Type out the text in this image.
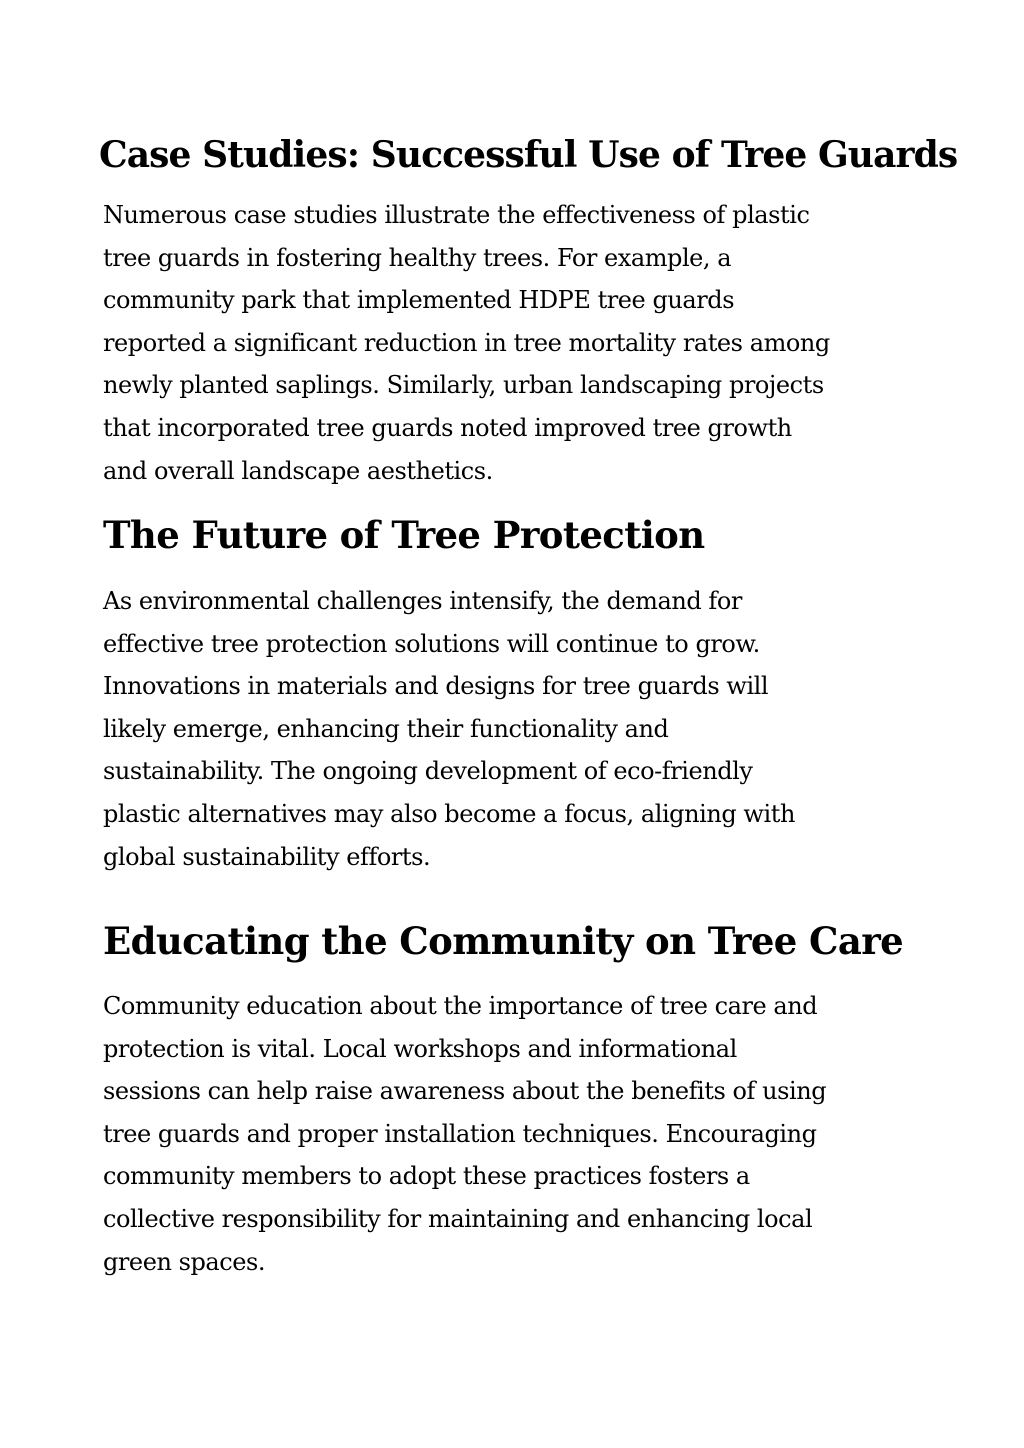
Case Studies: Successful Use of Tree Guards

Numerous case studies illustrate the effectiveness of plastic
tree guards in fostering healthy trees. For example, a
community park that implemented HDPE tree guards
reported a significant reduction in tree mortality rates among
newly planted saplings. Similarly, urban landscaping projects
that incorporated tree guards noted improved tree growth
and overall landscape aesthetics.

The Future of Tree Protection

As environmental challenges intensify, the demand for
effective tree protection solutions will continue to grow.
Innovations in materials and designs for tree guards will
likely emerge, enhancing their functionality and
sustainability. The ongoing development of eco-friendly
plastic alternatives may also become a focus, aligning with
global sustainability efforts.

Educating the Community on Tree Care

Community education about the importance of tree care and
protection is vital. Local workshops and informational
sessions can help raise awareness about the benefits of using
tree guards and proper installation techniques. Encouraging
community members to adopt these practices fosters a
collective responsibility for maintaining and enhancing local
green spaces.
